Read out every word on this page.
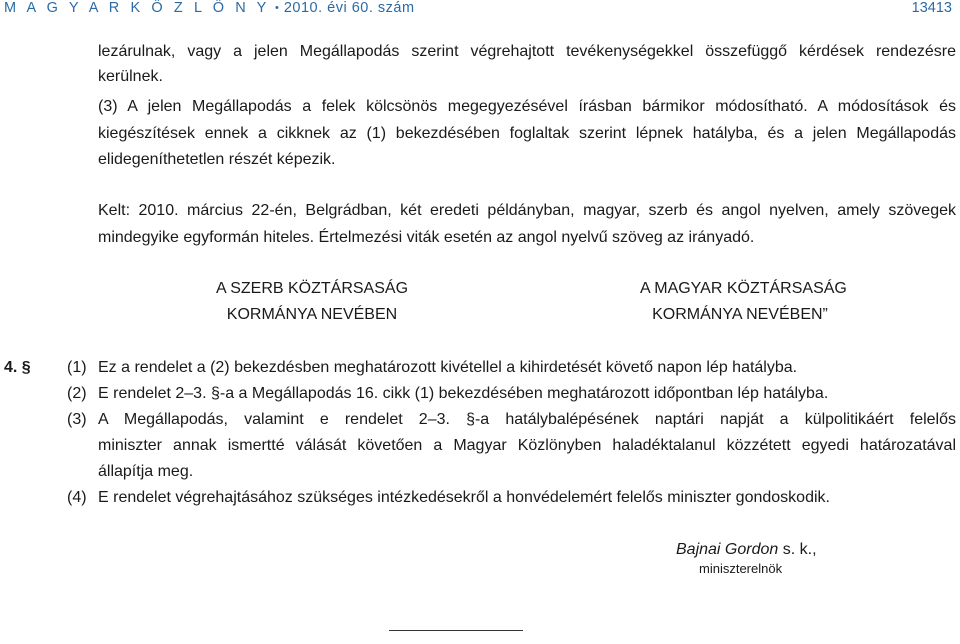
M A G Y A R K Ö Z L Ö N Y • 2010. évi 60. szám	13413
lezárulnak, vagy a jelen Megállapodás szerint végrehajtott tevékenységekkel összefüggő kérdések rendezésre
kerülnek.
(3) A jelen Megállapodás a felek kölcsönös megegyezésével írásban bármikor módosítható. A módosítások és
kiegészítések ennek a cikknek az (1) bekezdésében foglaltak szerint lépnek hatályba, és a jelen Megállapodás
elidegeníthetetlen részét képezik.
Kelt: 2010. március 22-én, Belgrádban, két eredeti példányban, magyar, szerb és angol nyelven, amely szövegek
mindegyike egyformán hiteles. Értelmezési viták esetén az angol nyelvű szöveg az irányadó.
A SZERB KÖZTÁRSASÁG
KORMÁNYA NEVÉBEN
A MAGYAR KÖZTÁRSASÁG
KORMÁNYA NEVÉBEN”
4. § (1) Ez a rendelet a (2) bekezdésben meghatározott kivétellel a kihirdetését követő napon lép hatályba.
(2) E rendelet 2–3. §-a a Megállapodás 16. cikk (1) bekezdésében meghatározott időpontban lép hatályba.
(3) A Megállapodás, valamint e rendelet 2–3. §-a hatálybalépésének naptári napját a külpolitikáért felelős
miniszter annak ismertté válását követően a Magyar Közlönyben haladéktalanul közzétett egyedi határozatával
állapítja meg.
(4) E rendelet végrehajtásához szükséges intézkedésekről a honvédelemért felelős miniszter gondoskodik.
Bajnai Gordon s. k.,
miniszterelnök
